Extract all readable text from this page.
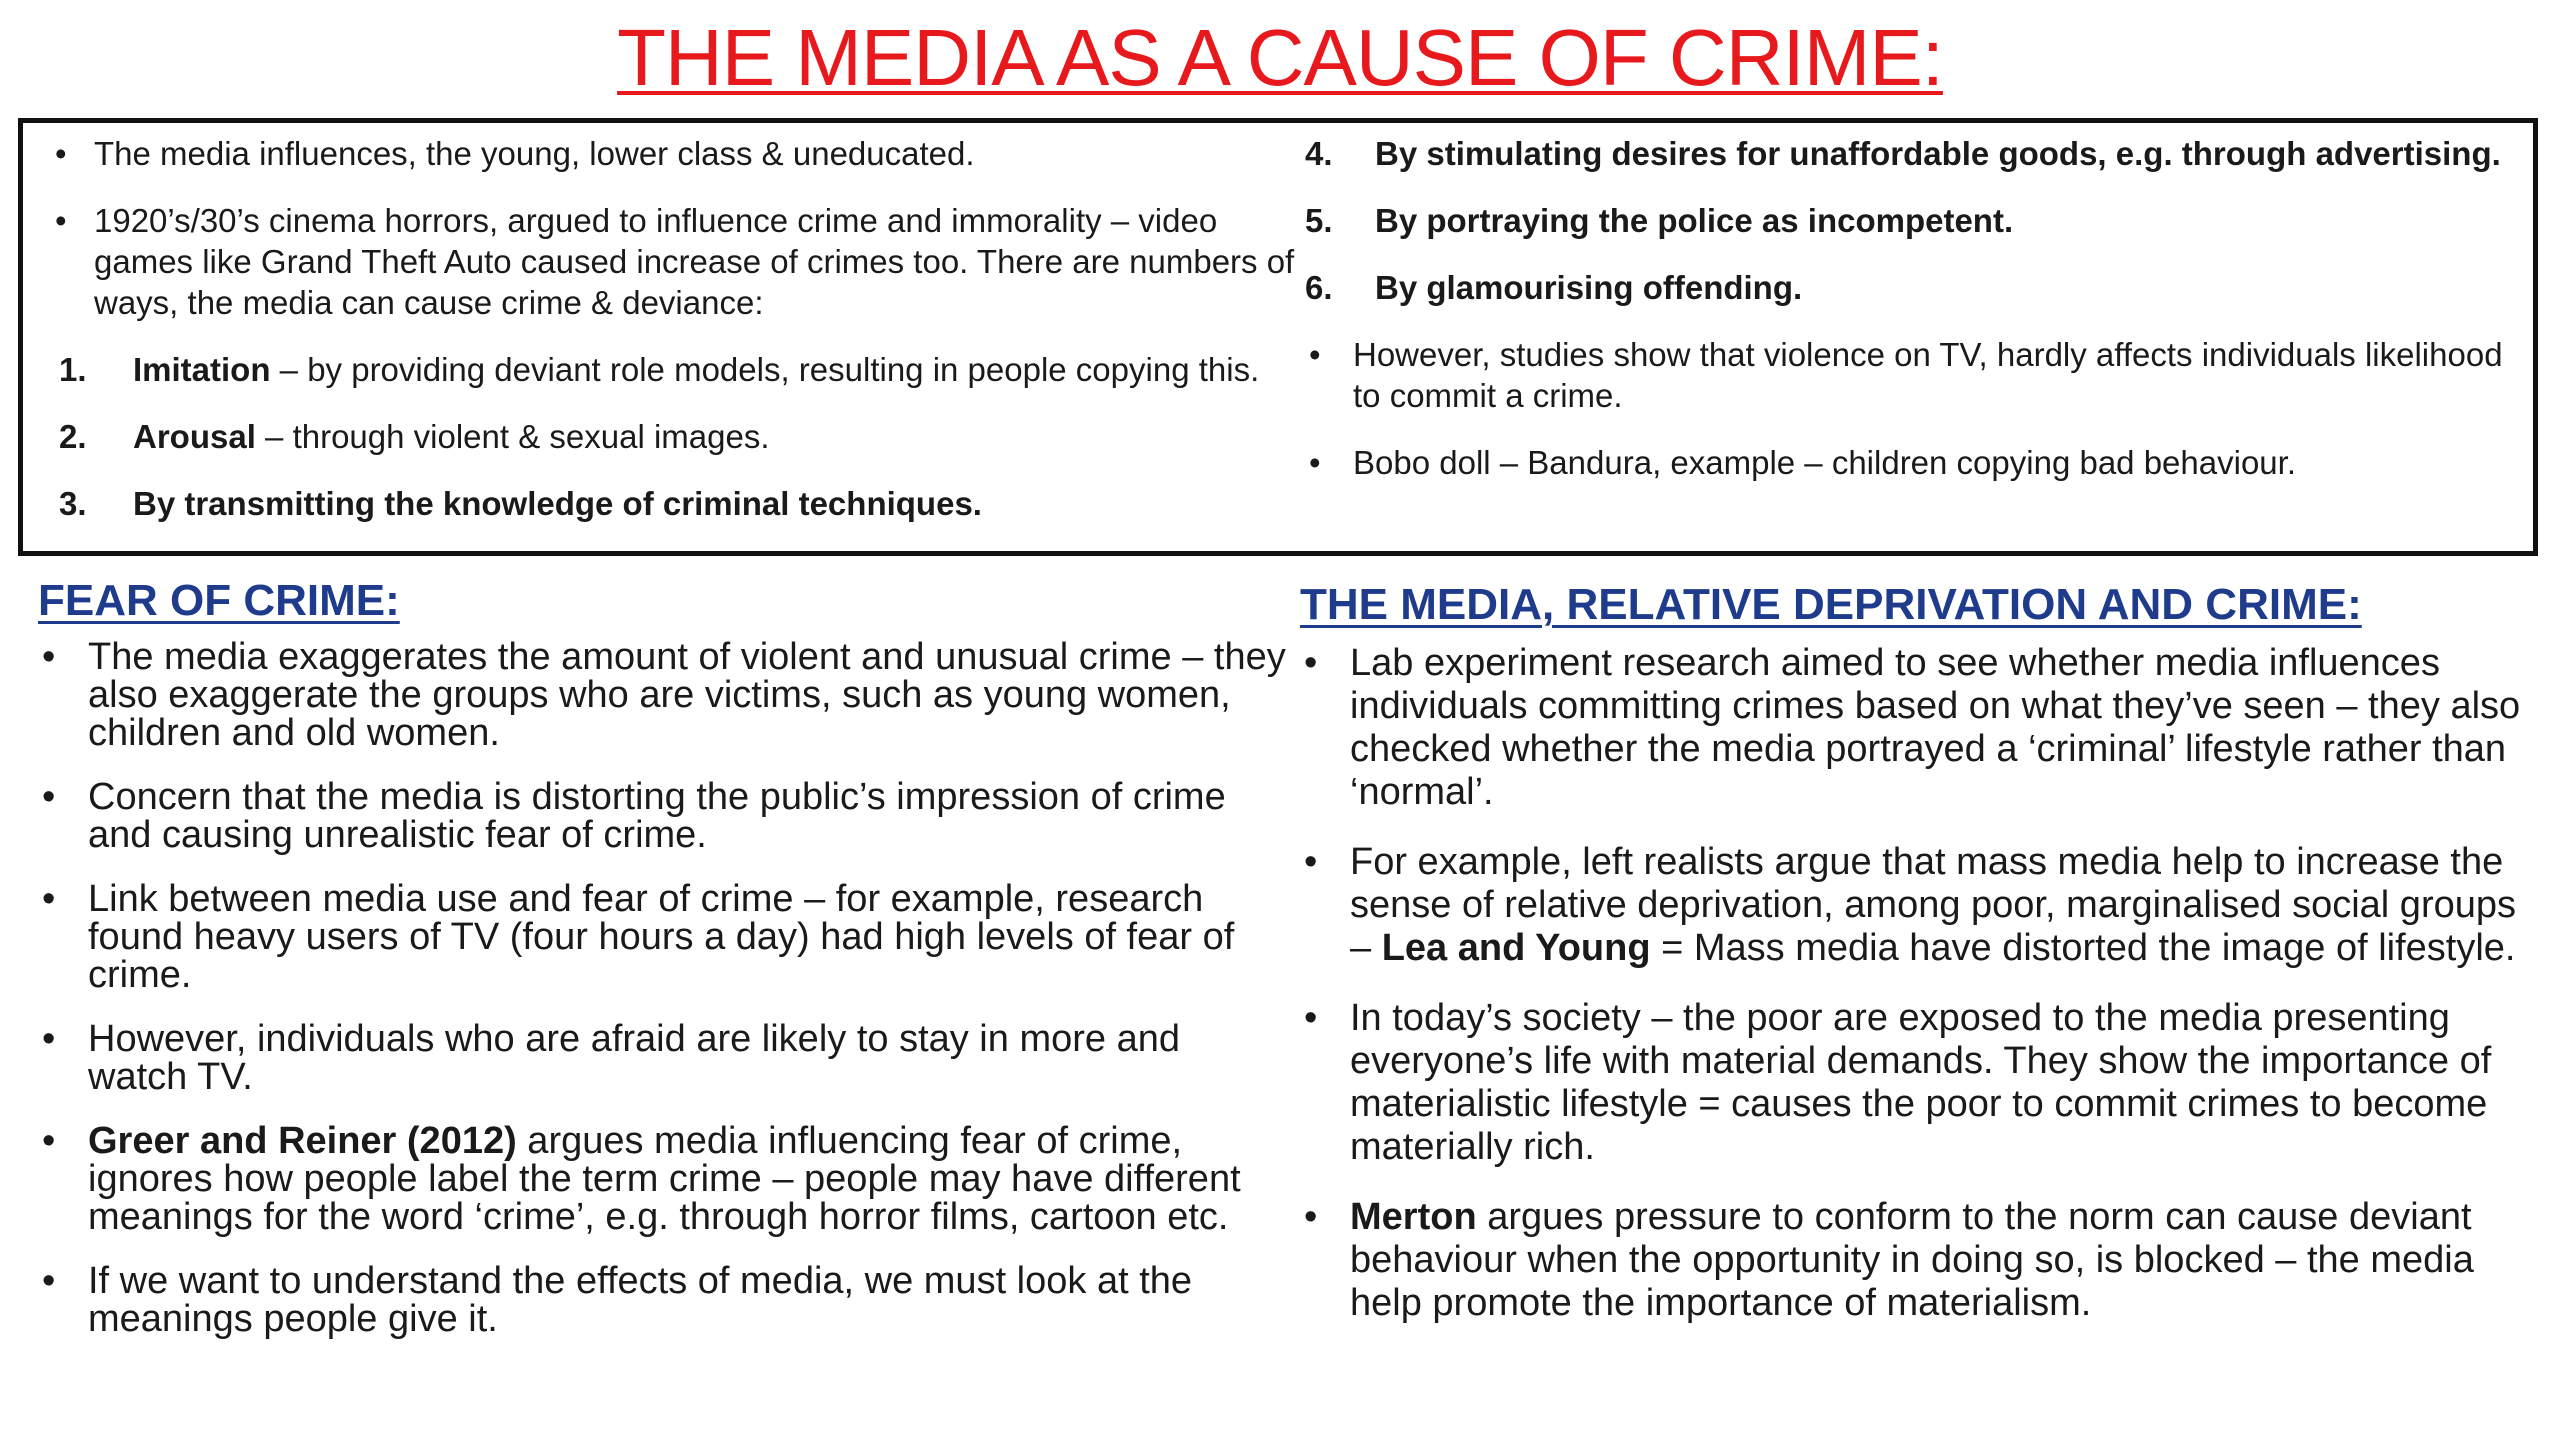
THE MEDIA AS A CAUSE OF CRIME:
• The media influences, the young, lower class & uneducated.
• 1920’s/30’s cinema horrors, argued to influence crime and immorality – video games like Grand Theft Auto caused increase of crimes too. There are numbers of ways, the media can cause crime & deviance:
1. Imitation – by providing deviant role models, resulting in people copying this.
2. Arousal – through violent & sexual images.
3. By transmitting the knowledge of criminal techniques.
4. By stimulating desires for unaffordable goods, e.g. through advertising.
5. By portraying the police as incompetent.
6. By glamourising offending.
• However, studies show that violence on TV, hardly affects individuals likelihood to commit a crime.
• Bobo doll – Bandura, example – children copying bad behaviour.
FEAR OF CRIME:
• The media exaggerates the amount of violent and unusual crime – they also exaggerate the groups who are victims, such as young women, children and old women.
• Concern that the media is distorting the public’s impression of crime and causing unrealistic fear of crime.
• Link between media use and fear of crime – for example, research found heavy users of TV (four hours a day) had high levels of fear of crime.
• However, individuals who are afraid are likely to stay in more and watch TV.
• Greer and Reiner (2012) argues media influencing fear of crime, ignores how people label the term crime – people may have different meanings for the word ‘crime’, e.g. through horror films, cartoon etc.
• If we want to understand the effects of media, we must look at the meanings people give it.
THE MEDIA, RELATIVE DEPRIVATION AND CRIME:
• Lab experiment research aimed to see whether media influences individuals committing crimes based on what they’ve seen – they also checked whether the media portrayed a ‘criminal’ lifestyle rather than ‘normal’.
• For example, left realists argue that mass media help to increase the sense of relative deprivation, among poor, marginalised social groups – Lea and Young = Mass media have distorted the image of lifestyle.
• In today’s society – the poor are exposed to the media presenting everyone’s life with material demands. They show the importance of materialistic lifestyle = causes the poor to commit crimes to become materially rich.
• Merton argues pressure to conform to the norm can cause deviant behaviour when the opportunity in doing so, is blocked – the media help promote the importance of materialism.
